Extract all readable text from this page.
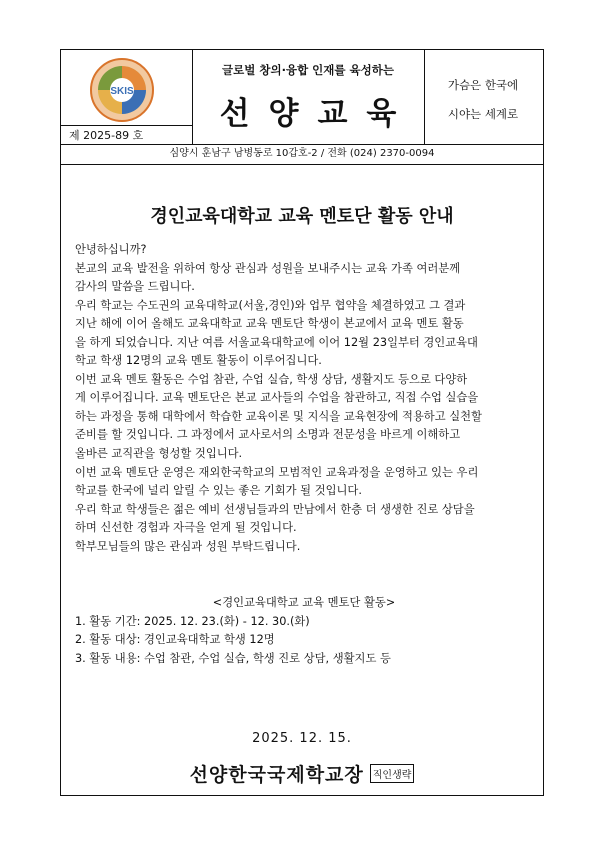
SKIS
제 2025-89 호
글로벌 창의·융합 인재를 육성하는
선양교육
가슴은 한국에
시야는 세계로
심양시 훈남구 남병동로 10갑호-2 / 전화 (024) 2370-0094
경인교육대학교 교육 멘토단 활동 안내

안녕하십니까?

본교의 교육 발전을 위하여 항상 관심과 성원을 보내주시는 교육 가족 여러분께

감사의 말씀을 드립니다.

우리 학교는 수도권의 교육대학교(서울,경인)와 업무 협약을 체결하였고 그 결과

지난 해에 이어 올해도 교육대학교 교육 멘토단 학생이 본교에서 교육 멘토 활동

을 하게 되었습니다. 지난 여름 서울교육대학교에 이어 12월 23일부터 경인교육대

학교 학생 12명의 교육 멘토 활동이 이루어집니다.

이번 교육 멘토 활동은 수업 참관, 수업 실습, 학생 상담, 생활지도 등으로 다양하

게 이루어집니다. 교육 멘토단은 본교 교사들의 수업을 참관하고, 직접 수업 실습을

하는 과정을 통해 대학에서 학습한 교육이론 및 지식을 교육현장에 적용하고 실천할

준비를 할 것입니다. 그 과정에서 교사로서의 소명과 전문성을 바르게 이해하고

올바른 교직관을 형성할 것입니다.

이번 교육 멘토단 운영은 재외한국학교의 모범적인 교육과정을 운영하고 있는 우리

학교를 한국에 널리 알릴 수 있는 좋은 기회가 될 것입니다.

우리 학교 학생들은 젊은 예비 선생님들과의 만남에서 한층 더 생생한 진로 상담을

하며 신선한 경험과 자극을 얻게 될 것입니다.

학부모님들의 많은 관심과 성원 부탁드립니다.

<경인교육대학교 교육 멘토단 활동>

1. 활동 기간: 2025. 12. 23.(화) - 12. 30.(화)

2. 활동 대상: 경인교육대학교 학생 12명

3. 활동 내용: 수업 참관, 수업 실습, 학생 진로 상담, 생활지도 등

2025. 12. 15.
선양한국국제학교장 직인생략
